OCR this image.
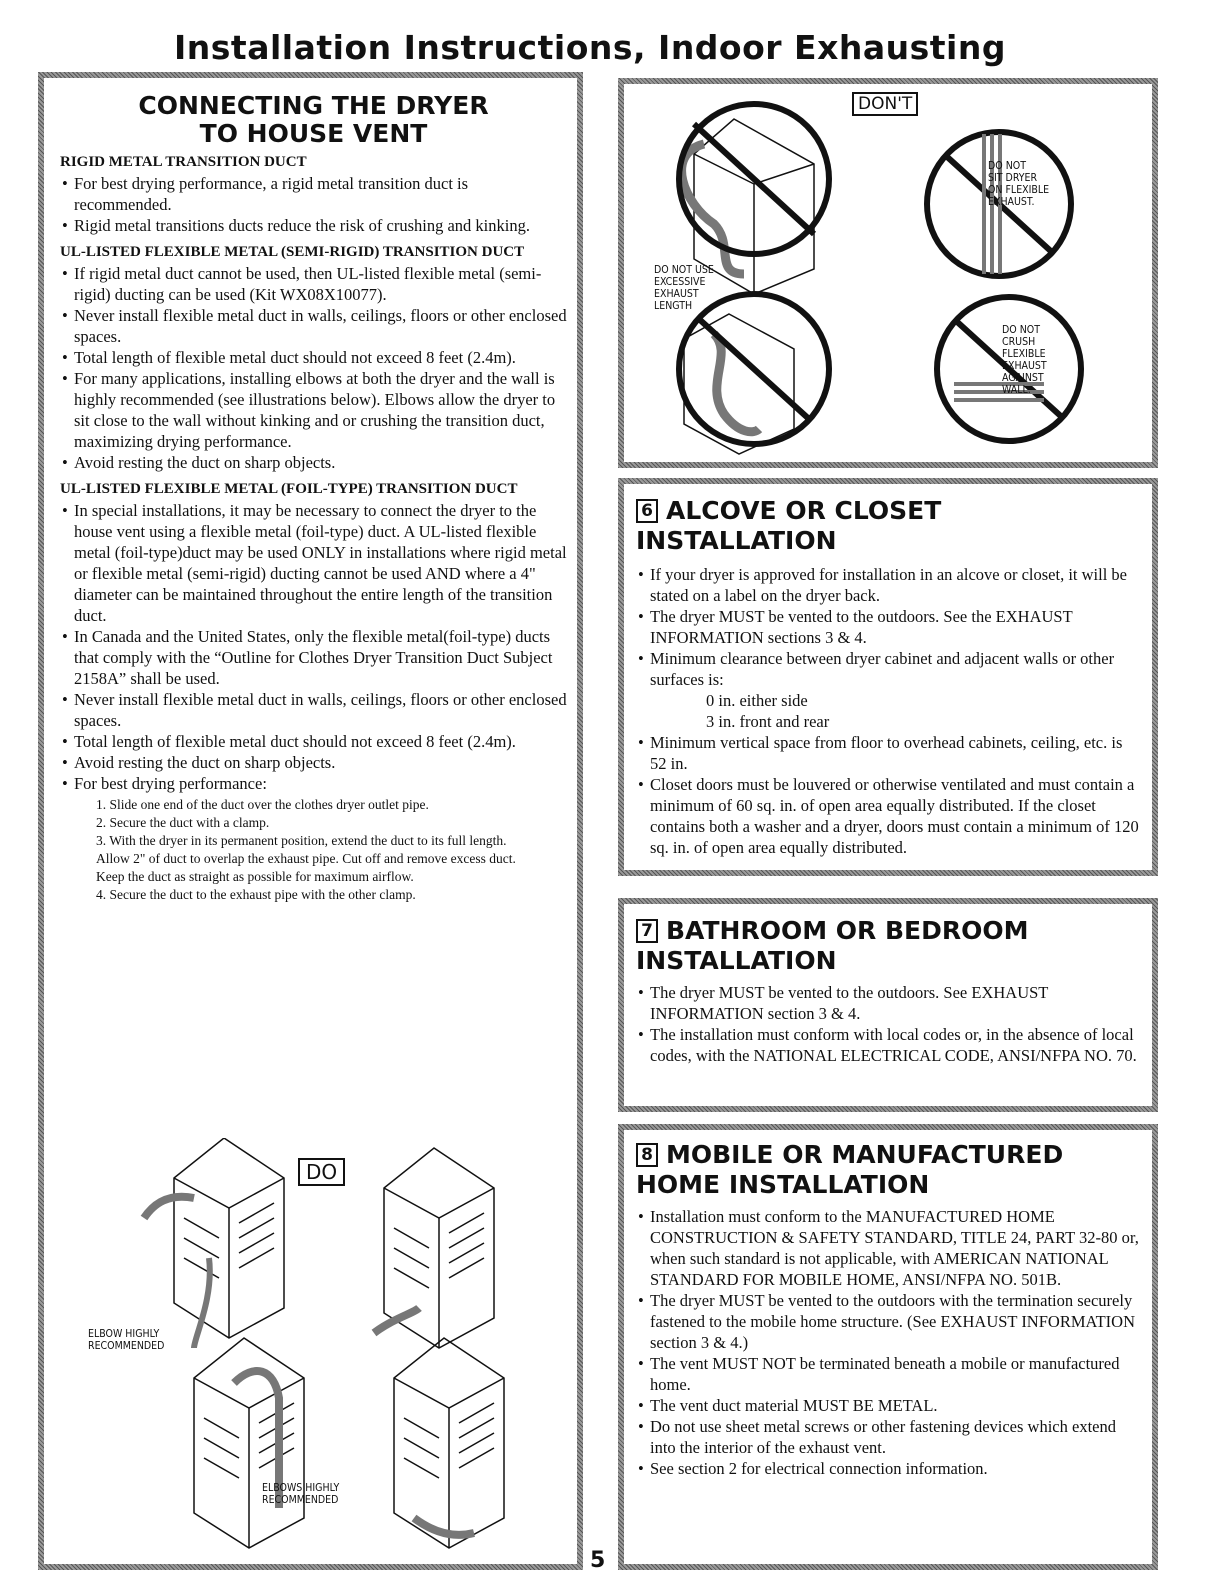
Installation Instructions, Indoor Exhausting
CONNECTING THE DRYER
TO HOUSE VENT
RIGID METAL TRANSITION DUCT
• For best drying performance, a rigid metal transition duct is recommended.
• Rigid metal transitions ducts reduce the risk of crushing and kinking.
UL-LISTED FLEXIBLE METAL (SEMI-RIGID) TRANSITION DUCT
• If rigid metal duct cannot be used, then UL-listed flexible metal (semi-rigid) ducting can be used (Kit WX08X10077).
• Never install flexible metal duct in walls, ceilings, floors or other enclosed spaces.
• Total length of flexible metal duct should not exceed 8 feet (2.4m).
• For many applications, installing elbows at both the dryer and the wall is highly recommended (see illustrations below). Elbows allow the dryer to sit close to the wall without kinking and or crushing the transition duct, maximizing drying performance.
• Avoid resting the duct on sharp objects.
UL-LISTED FLEXIBLE METAL (FOIL-TYPE) TRANSITION DUCT
• In special installations, it may be necessary to connect the dryer to the house vent using a flexible metal (foil-type) duct. A UL-listed flexible metal (foil-type)duct may be used ONLY in installations where rigid metal or flexible metal (semi-rigid) ducting cannot be used AND where a 4" diameter can be maintained throughout the entire length of the transition duct.
• In Canada and the United States, only the flexible metal(foil-type) ducts that comply with the “Outline for Clothes Dryer Transition Duct Subject 2158A” shall be used.
• Never install flexible metal duct in walls, ceilings, floors or other enclosed spaces.
• Total length of flexible metal duct should not exceed 8 feet (2.4m).
• Avoid resting the duct on sharp objects.
• For best drying performance:
1. Slide one end of the duct over the clothes dryer outlet pipe.
2. Secure the duct with a clamp.
3. With the dryer in its permanent position, extend the duct to its full length. Allow 2" of duct to overlap the exhaust pipe. Cut off and remove excess duct. Keep the duct as straight as possible for maximum airflow.
4. Secure the duct to the exhaust pipe with the other clamp.
DO
ELBOW HIGHLY
RECOMMENDED
ELBOWS HIGHLY
RECOMMENDED
DON'T
DO NOT USE
EXCESSIVE
EXHAUST
LENGTH
DO NOT
SIT DRYER
ON FLEXIBLE
EXHAUST.
DO NOT
CRUSH
FLEXIBLE
EXHAUST
AGAINST
WALL.
6 ALCOVE OR CLOSET INSTALLATION
• If your dryer is approved for installation in an alcove or closet, it will be stated on a label on the dryer back.
• The dryer MUST be vented to the outdoors. See the EXHAUST INFORMATION sections 3 & 4.
• Minimum clearance between dryer cabinet and adjacent walls or other surfaces is:
0 in. either side
3 in. front and rear
• Minimum vertical space from floor to overhead cabinets, ceiling, etc. is 52 in.
• Closet doors must be louvered or otherwise ventilated and must contain a minimum of 60 sq. in. of open area equally distributed. If the closet contains both a washer and a dryer, doors must contain a minimum of 120 sq. in. of open area equally distributed.
7 BATHROOM OR BEDROOM
INSTALLATION
• The dryer MUST be vented to the outdoors. See EXHAUST INFORMATION section 3 & 4.
• The installation must conform with local codes or, in the absence of local codes, with the NATIONAL ELECTRICAL CODE, ANSI/NFPA NO. 70.
8 MOBILE OR MANUFACTURED
HOME INSTALLATION
• Installation must conform to the MANUFACTURED HOME CONSTRUCTION & SAFETY STANDARD, TITLE 24, PART 32-80 or, when such standard is not applicable, with AMERICAN NATIONAL STANDARD FOR MOBILE HOME, ANSI/NFPA NO. 501B.
• The dryer MUST be vented to the outdoors with the termination securely fastened to the mobile home structure. (See EXHAUST INFORMATION section 3 & 4.)
• The vent MUST NOT be terminated beneath a mobile or manufactured home.
• The vent duct material MUST BE METAL.
• Do not use sheet metal screws or other fastening devices which extend into the interior of the exhaust vent.
• See section 2 for electrical connection information.
5
